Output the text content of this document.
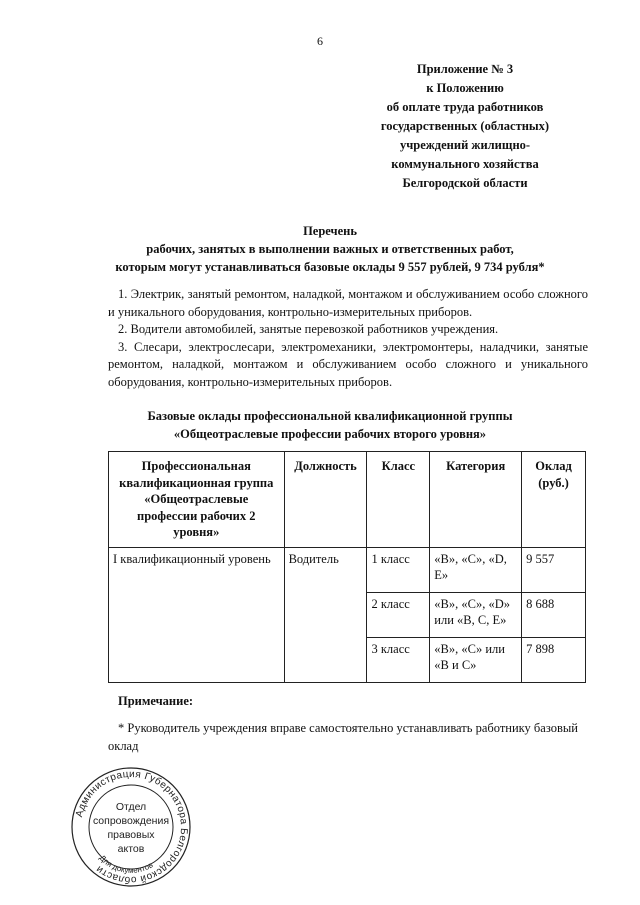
6
Приложение № 3
к Положению
об оплате труда работников
государственных (областных)
учреждений жилищно-
коммунального хозяйства
Белгородской области
Перечень
рабочих, занятых в выполнении важных и ответственных работ,
которым могут устанавливаться базовые оклады 9 557 рублей, 9 734 рубля*

1. Электрик, занятый ремонтом, наладкой, монтажом и обслуживанием особо сложного и уникального оборудования, контрольно-измерительных приборов.

2. Водители автомобилей, занятые перевозкой работников учреждения.

3. Слесари, электрослесари, электромеханики, электромонтеры, наладчики, занятые ремонтом, наладкой, монтажом и обслуживанием особо сложного и уникального оборудования, контрольно-измерительных приборов.

Базовые оклады профессиональной квалификационной группы
«Общеотраслевые профессии рабочих второго уровня»
Профессиональная квалификационная группа «Общеотраслевые профессии рабочих 2 уровня»	Должность	Класс	Категория	Оклад (руб.)
I квалификационный уровень	Водитель	1 класс	«В», «С», «D, Е»	9 557
		2 класс	«В», «С», «D» или «В, С, Е»	8 688
		3 класс	«В», «С» или «В и С»	7 898
Примечание:

* Руководитель учреждения вправе самостоятельно устанавливать работнику базовый оклад

Администрация Губернатора Белгородской области
Для документов
Отдел
сопровождения
правовых
актов
